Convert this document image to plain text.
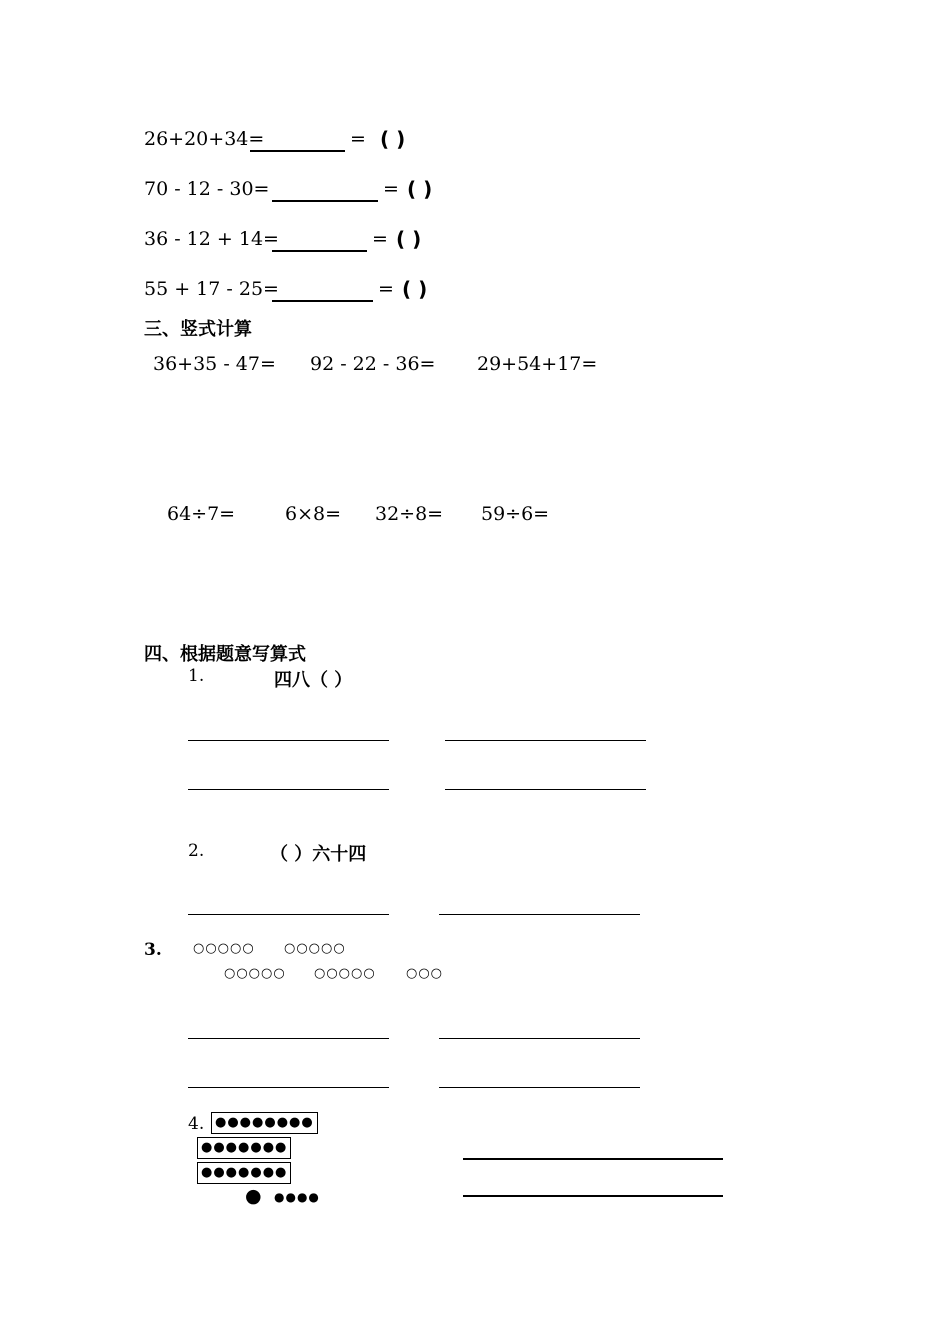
26+20+34=	= ( )
70 - 12 - 30=	= ( )
36 - 12 + 14=	= ( )
55 + 17 - 25=	= ( )
三、竖式计算
36+35 - 47= 92 - 22 - 36= 29+54+17=
64÷7=	6×8= 32÷8= 59÷6=
四、根据题意写算式
1.	四八（ ）
2.	（ ）六十四
3. ○○○○○ ○○○○○
○○○○○ ○○○○○ ○○○
4. ●●●●●●●●
●●●●●●●
●●●●●●●
● ●●●●
